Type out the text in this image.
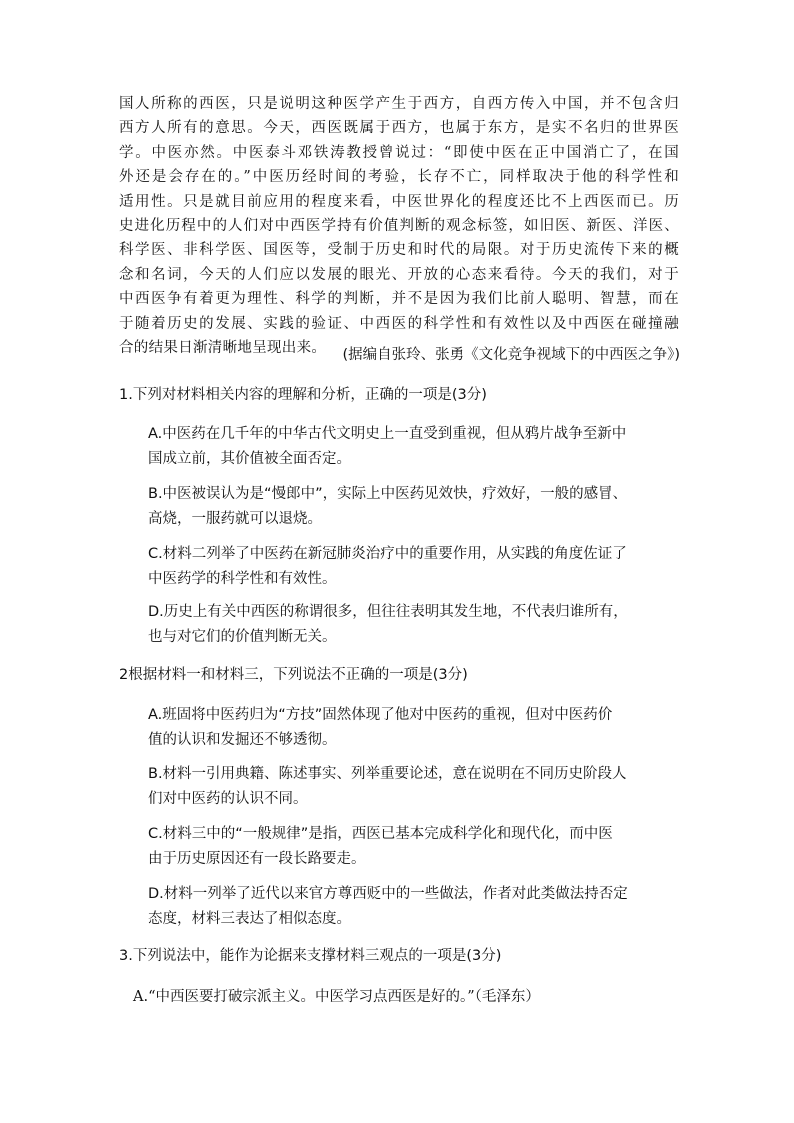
国人所称的西医，只是说明这种医学产生于西方，自西方传入中国，并不包含归

西方人所有的意思。今天，西医既属于西方，也属于东方，是实不名归的世界医

学。中医亦然。中医泰斗邓铁涛教授曾说过：“即使中医在正中国消亡了，在国

外还是会存在的。”中医历经时间的考验，长存不亡，同样取决于他的科学性和

适用性。只是就目前应用的程度来看，中医世界化的程度还比不上西医而已。历

史进化历程中的人们对中西医学持有价值判断的观念标签，如旧医、新医、洋医、

科学医、非科学医、国医等，受制于历史和时代的局限。对于历史流传下来的概

念和名词，今天的人们应以发展的眼光、开放的心态来看待。今天的我们，对于

中西医争有着更为理性、科学的判断，并不是因为我们比前人聪明、智慧，而在

于随着历史的发展、实践的验证、中西医的科学性和有效性以及中西医在碰撞融

合的结果日渐清晰地呈现出来。	(据编自张玲、张勇《文化竞争视域下的中西医之争》)

1.下列对材料相关内容的理解和分析，正确的一项是(3分)

A.中医药在几千年的中华古代文明史上一直受到重视，但从鸦片战争至新中

国成立前，其价值被全面否定。

B.中医被误认为是“慢郎中”，实际上中医药见效快，疗效好，一般的感冒、

高烧，一服药就可以退烧。

C.材料二列举了中医药在新冠肺炎治疗中的重要作用，从实践的角度佐证了

中医药学的科学性和有效性。

D.历史上有关中西医的称谓很多，但往往表明其发生地，不代表归谁所有，

也与对它们的价值判断无关。

2根据材料一和材料三，下列说法不正确的一项是(3分)

A.班固将中医药归为“方技”固然体现了他对中医药的重视，但对中医药价

值的认识和发掘还不够透彻。

B.材料一引用典籍、陈述事实、列举重要论述，意在说明在不同历史阶段人

们对中医药的认识不同。

C.材料三中的“一般规律”是指，西医已基本完成科学化和现代化，而中医

由于历史原因还有一段长路要走。

D.材料一列举了近代以来官方尊西贬中的一些做法，作者对此类做法持否定

态度，材料三表达了相似态度。

3.下列说法中，能作为论据来支撑材料三观点的一项是(3分)

A.“中西医要打破宗派主义。中医学习点西医是好的。”（毛泽东）
